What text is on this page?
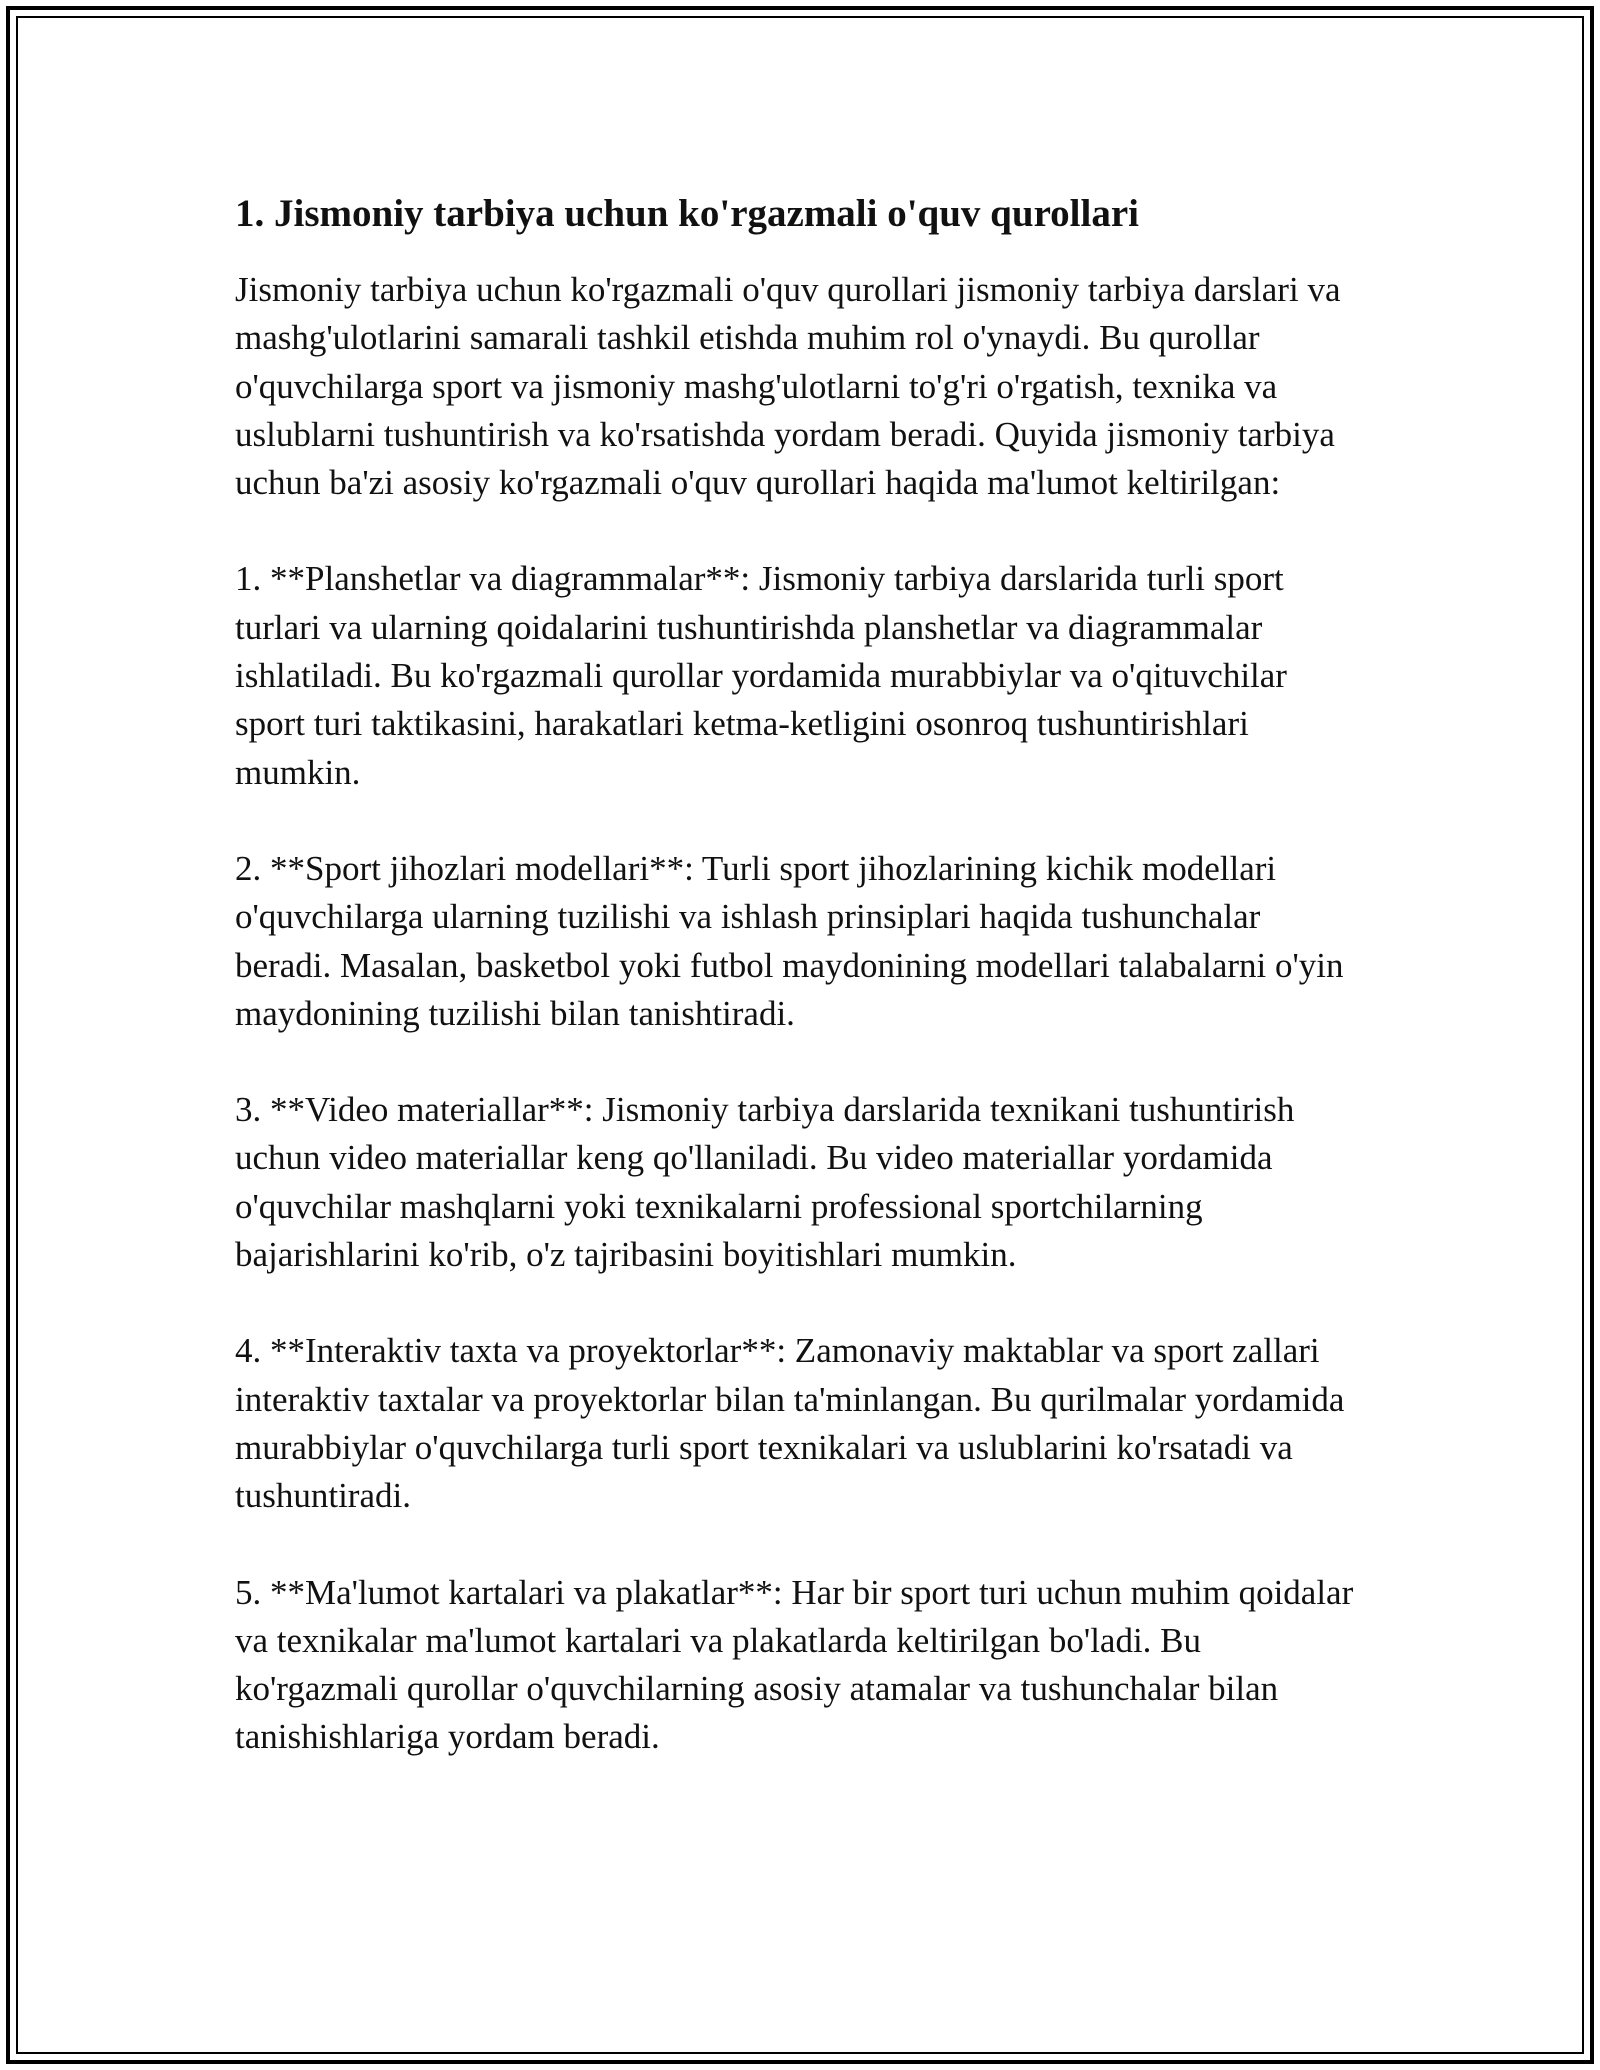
1. Jismoniy tarbiya uchun ko'rgazmali o'quv qurollari

Jismoniy tarbiya uchun ko'rgazmali o'quv qurollari jismoniy tarbiya darslari va mashg'ulotlarini samarali tashkil etishda muhim rol o'ynaydi. Bu qurollar o'quvchilarga sport va jismoniy mashg'ulotlarni to'g'ri o'rgatish, texnika va uslublarni tushuntirish va ko'rsatishda yordam beradi. Quyida jismoniy tarbiya uchun ba'zi asosiy ko'rgazmali o'quv qurollari haqida ma'lumot keltirilgan:

1. **Planshetlar va diagrammalar**: Jismoniy tarbiya darslarida turli sport turlari va ularning qoidalarini tushuntirishda planshetlar va diagrammalar ishlatiladi. Bu ko'rgazmali qurollar yordamida murabbiylar va o'qituvchilar sport turi taktikasini, harakatlari ketma-ketligini osonroq tushuntirishlari mumkin.

2. **Sport jihozlari modellari**: Turli sport jihozlarining kichik modellari o'quvchilarga ularning tuzilishi va ishlash prinsiplari haqida tushunchalar beradi. Masalan, basketbol yoki futbol maydonining modellari talabalarni o'yin maydonining tuzilishi bilan tanishtiradi.

3. **Video materiallar**: Jismoniy tarbiya darslarida texnikani tushuntirish uchun video materiallar keng qo'llaniladi. Bu video materiallar yordamida o'quvchilar mashqlarni yoki texnikalarni professional sportchilarning bajarishlarini ko'rib, o'z tajribasini boyitishlari mumkin.

4. **Interaktiv taxta va proyektorlar**: Zamonaviy maktablar va sport zallari interaktiv taxtalar va proyektorlar bilan ta'minlangan. Bu qurilmalar yordamida murabbiylar o'quvchilarga turli sport texnikalari va uslublarini ko'rsatadi va tushuntiradi.

5. **Ma'lumot kartalari va plakatlar**: Har bir sport turi uchun muhim qoidalar va texnikalar ma'lumot kartalari va plakatlarda keltirilgan bo'ladi. Bu ko'rgazmali qurollar o'quvchilarning asosiy atamalar va tushunchalar bilan tanishishlariga yordam beradi.
